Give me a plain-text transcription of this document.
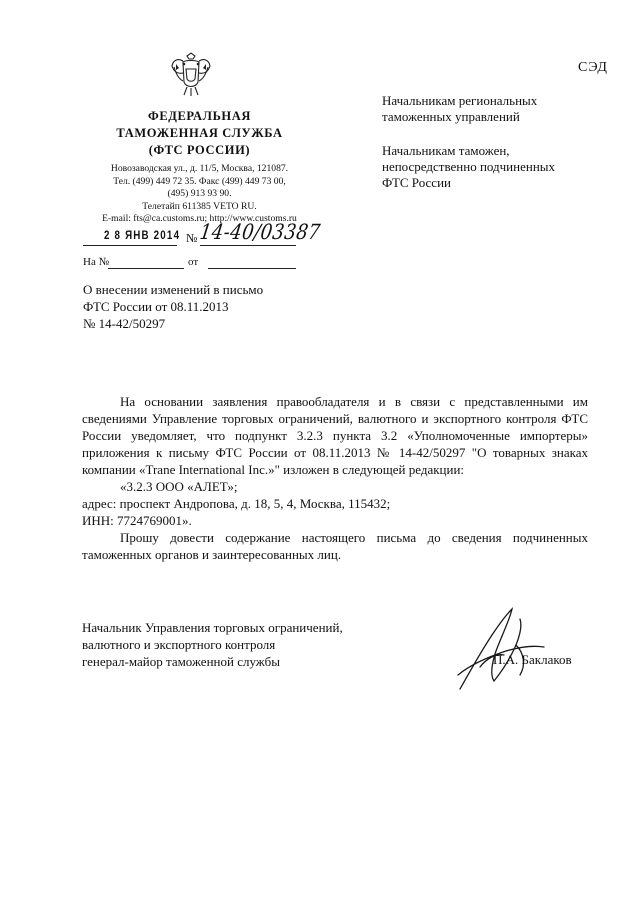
ФЕДЕРАЛЬНАЯ
ТАМОЖЕННАЯ СЛУЖБА
(ФТС РОССИИ)
Новозаводская ул., д. 11/5, Москва, 121087.
Тел. (499) 449 72 35. Факс (499) 449 73 00,
(495) 913 93 90.
Телетайп 611385 VETO RU.
E-mail: fts@ca.customs.ru; http://www.customs.ru
СЭД
Начальникам региональных
таможенных управлений
Начальникам таможен,
непосредственно подчиненных
ФТС России
2 8 ЯНВ 2014 № 14-40/03387
На №	от
О внесении изменений в письмо
ФТС России от 08.11.2013
№ 14-42/50297

На основании заявления правообладателя и в связи с представленными им сведениями Управление торговых ограничений, валютного и экспортного контроля ФТС России уведомляет, что подпункт 3.2.3 пункта 3.2 «Уполномоченные импортеры» приложения к письму ФТС России от 08.11.2013 № 14-42/50297 "О товарных знаках компании «Trane International Inc.»" изложен в следующей редакции:

«3.2.3 ООО «АЛЕТ»;

адрес: проспект Андропова, д. 18, 5, 4, Москва, 115432;

ИНН: 7724769001».

Прошу довести содержание настоящего письма до сведения подчиненных таможенных органов и заинтересованных лиц.

Начальник Управления торговых ограничений,
валютного и экспортного контроля
генерал-майор таможенной службы	П.А. Баклаков
